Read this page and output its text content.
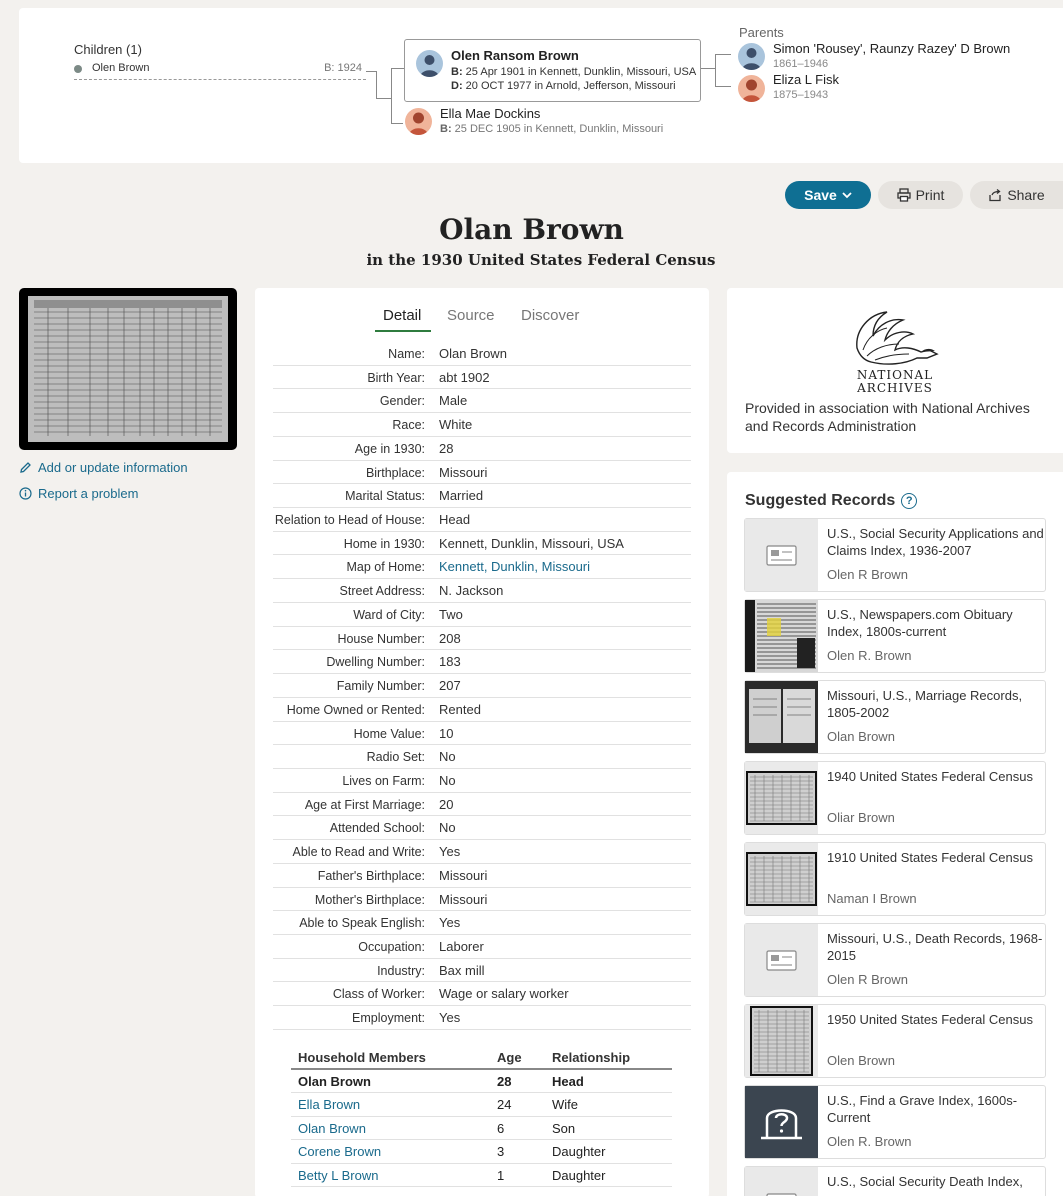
Children (1)
Olen Brown	B: 1924
Olen Ransom Brown
B: 25 Apr 1901 in Kennett, Dunklin, Missouri, USA
D: 20 OCT 1977 in Arnold, Jefferson, Missouri
Ella Mae Dockins
B: 25 DEC 1905 in Kennett, Dunklin, Missouri
Parents
Simon 'Rousey', Raunzy Razey' D Brown
1861–1946
Eliza L Fisk
1875–1943
Save	Print	Share
Olan Brown
in the 1930 United States Federal Census
Add or update information
Report a problem
Detail Source Discover
Name: Olan Brown
Birth Year: abt 1902
Gender: Male
Race: White
Age in 1930: 28
Birthplace: Missouri
Marital Status: Married
Relation to Head of House: Head
Home in 1930: Kennett, Dunklin, Missouri, USA
Map of Home: Kennett, Dunklin, Missouri
Street Address: N. Jackson
Ward of City: Two
House Number: 208
Dwelling Number: 183
Family Number: 207
Home Owned or Rented: Rented
Home Value: 10
Radio Set: No
Lives on Farm: No
Age at First Marriage: 20
Attended School: No
Able to Read and Write: Yes
Father's Birthplace: Missouri
Mother's Birthplace: Missouri
Able to Speak English: Yes
Occupation: Laborer
Industry: Bax mill
Class of Worker: Wage or salary worker
Employment: Yes
Household Members	Age Relationship
Olan Brown	28	Head
Ella Brown	24	Wife
Olan Brown	6	Son
Corene Brown	3	Daughter
Betty L Brown	1	Daughter
NATIONAL
ARCHIVES
Provided in association with National Archives and Records Administration
Suggested Records ?
U.S., Social Security Applications and Claims Index, 1936-2007
Olen R Brown
U.S., Newspapers.com Obituary Index, 1800s-current
Olen R. Brown
Missouri, U.S., Marriage Records, 1805-2002
Olan Brown
1940 United States Federal Census
Oliar Brown
1910 United States Federal Census
Naman I Brown
Missouri, U.S., Death Records, 1968-2015
Olen R Brown
1950 United States Federal Census
Olen Brown
U.S., Find a Grave Index, 1600s-Current
Olen R. Brown
U.S., Social Security Death Index,
